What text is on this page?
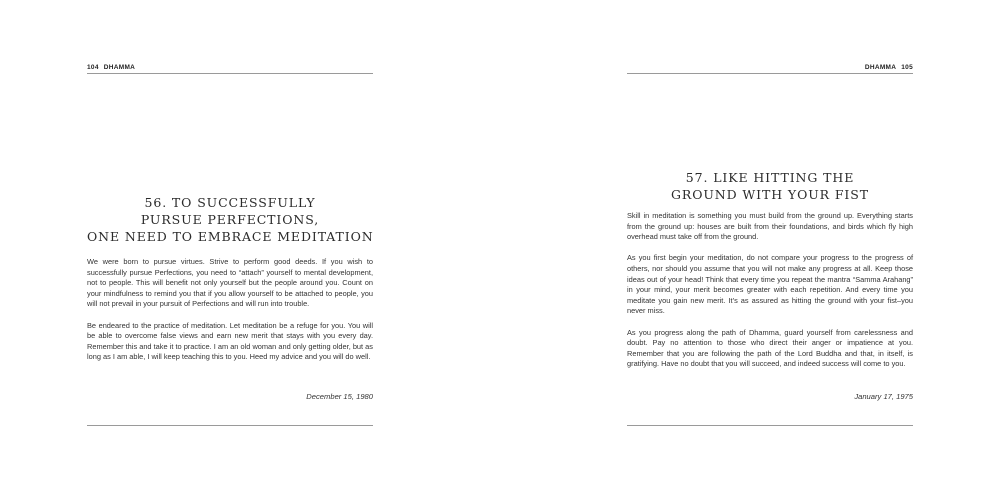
104 DHAMMA
56. TO SUCCESSFULLY
PURSUE PERFECTIONS,
ONE NEED TO EMBRACE MEDITATION

We were born to pursue virtues. Strive to perform good deeds. If you wish to successfully pursue Perfections, you need to “attach” yourself to mental development, not to people. This will benefit not only yourself but the people around you. Count on your mindfulness to remind you that if you allow yourself to be attached to people, you will not prevail in your pursuit of Perfections and will run into trouble.

Be endeared to the practice of meditation. Let meditation be a refuge for you. You will be able to overcome false views and earn new merit that stays with you every day. Remember this and take it to practice. I am an old woman and only getting older, but as long as I am able, I will keep teaching this to you. Heed my advice and you will do well.

December 15, 1980
DHAMMA 105
57. LIKE HITTING THE
GROUND WITH YOUR FIST

Skill in meditation is something you must build from the ground up. Everything starts from the ground up: houses are built from their foundations, and birds which fly high overhead must take off from the ground.

As you first begin your meditation, do not compare your progress to the progress of others, nor should you assume that you will not make any progress at all. Keep those ideas out of your head! Think that every time you repeat the mantra “Samma Arahang” in your mind, your merit becomes greater with each repetition. And every time you meditate you gain new merit. It’s as assured as hitting the ground with your fist–you never miss.

As you progress along the path of Dhamma, guard yourself from carelessness and doubt. Pay no attention to those who direct their anger or impatience at you. Remember that you are following the path of the Lord Buddha and that, in itself, is gratifying. Have no doubt that you will succeed, and indeed success will come to you.

January 17, 1975
